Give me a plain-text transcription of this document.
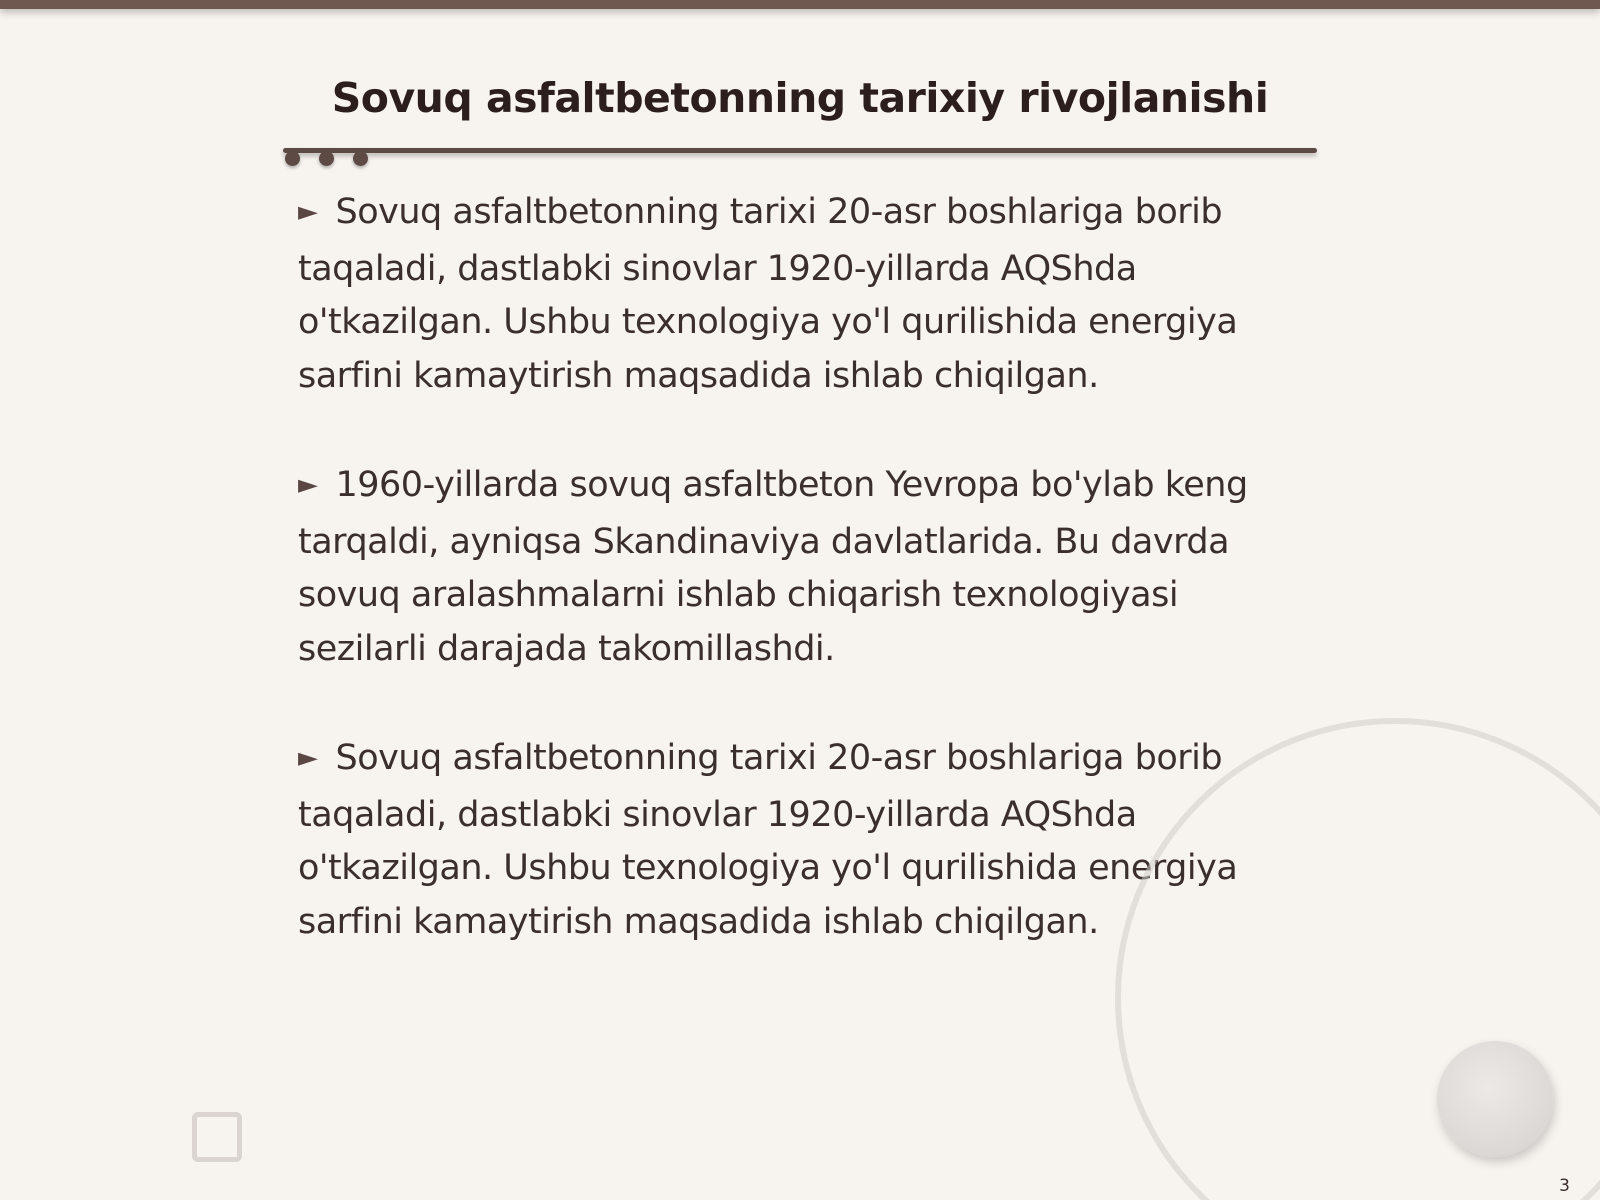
Sovuq asfaltbetonning tarixiy rivojlanishi

► Sovuq asfaltbetonning tarixi 20-asr boshlariga borib taqaladi, dastlabki sinovlar 1920-yillarda AQShda o'tkazilgan. Ushbu texnologiya yo'l qurilishida energiya sarfini kamaytirish maqsadida ishlab chiqilgan.

► 1960-yillarda sovuq asfaltbeton Yevropa bo'ylab keng tarqaldi, ayniqsa Skandinaviya davlatlarida. Bu davrda sovuq aralashmalarni ishlab chiqarish texnologiyasi sezilarli darajada takomillashdi.

► Sovuq asfaltbetonning tarixi 20-asr boshlariga borib taqaladi, dastlabki sinovlar 1920-yillarda AQShda o'tkazilgan. Ushbu texnologiya yo'l qurilishida energiya sarfini kamaytirish maqsadida ishlab chiqilgan.

3
